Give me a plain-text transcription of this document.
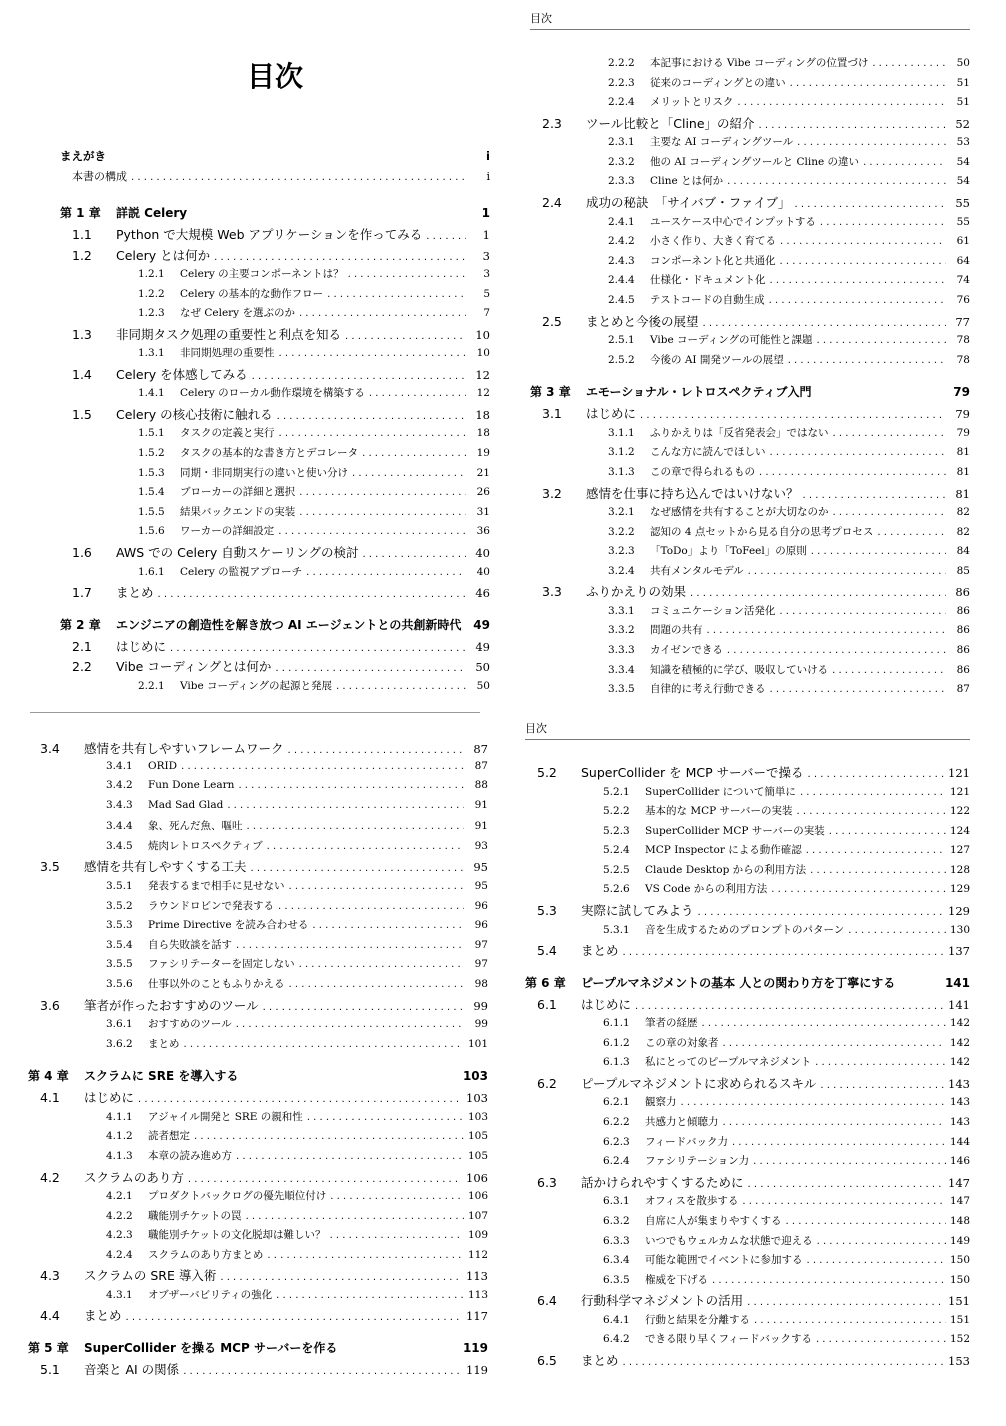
目次
まえがき	i
本書の構成 . . .	i
第 1 章	詳説 Celery	1
1.1	Python で大規模 Web アプリケーションを作ってみる . . .	1
1.2	Celery とは何か . . .	3
1.2.1	Celery の主要コンポーネントは？ . . .	3
1.2.2	Celery の基本的な動作フロー . . .	5
1.2.3	なぜ Celery を選ぶのか . . .	7
1.3	非同期タスク処理の重要性と利点を知る . . .	10
1.3.1	非同期処理の重要性 . . .	10
1.4	Celery を体感してみる . . .	12
1.4.1	Celery のローカル動作環境を構築する . . .	12
1.5	Celery の核心技術に触れる . . .	18
1.5.1	タスクの定義と実行 . . .	18
1.5.2	タスクの基本的な書き方とデコレータ . . .	19
1.5.3	同期・非同期実行の違いと使い分け . . .	21
1.5.4	ブローカーの詳細と選択 . . .	26
1.5.5	結果バックエンドの実装 . . .	31
1.5.6	ワーカーの詳細設定 . . .	36
1.6	AWS での Celery 自動スケーリングの検討 . . .	40
1.6.1	Celery の監視アプローチ . . .	40
1.7	まとめ . . .	46
第 2 章	エンジニアの創造性を解き放つ AI エージェントとの共創新時代 49
2.1	はじめに . . .	49
2.2	Vibe コーディングとは何か . . .	50
2.2.1	Vibe コーディングの起源と発展 . . .	50
目次
2.2.2	本記事における Vibe コーディングの位置づけ . . .	50
2.2.3	従来のコーディングとの違い . . .	51
2.2.4	メリットとリスク . . .	51
2.3	ツール比較と「Cline」の紹介 . . .	52
2.3.1	主要な AI コーディングツール . . .	53
2.3.2	他の AI コーディングツールと Cline の違い . . .	54
2.3.3	Cline とは何か . . .	54
2.4	成功の秘訣　「サイバブ・ファイブ」 . . .	55
2.4.1	ユースケース中心でインプットする . . .	55
2.4.2	小さく作り、大きく育てる . . .	61
2.4.3	コンポーネント化と共通化 . . .	64
2.4.4	仕様化・ドキュメント化 . . .	74
2.4.5	テストコードの自動生成 . . .	76
2.5	まとめと今後の展望 . . .	77
2.5.1	Vibe コーディングの可能性と課題 . . .	78
2.5.2	今後の AI 開発ツールの展望 . . .	78
第 3 章	エモーショナル・レトロスペクティブ入門	79
3.1	はじめに . . .	79
3.1.1	ふりかえりは「反省発表会」ではない . . .	79
3.1.2	こんな方に読んでほしい . . .	81
3.1.3	この章で得られるもの . . .	81
3.2	感情を仕事に持ち込んではいけない？ . . .	81
3.2.1	なぜ感情を共有することが大切なのか . . .	82
3.2.2	認知の 4 点セットから見る自分の思考プロセス . . .	82
3.2.3	「ToDo」より「ToFeel」の原則 . . .	84
3.2.4	共有メンタルモデル . . .	85
3.3	ふりかえりの効果 . . .	86
3.3.1	コミュニケーション活発化 . . .	86
3.3.2	問題の共有 . . .	86
3.3.3	カイゼンできる . . .	86
3.3.4	知識を積極的に学び、吸収していける . . .	86
3.3.5	自律的に考え行動できる . . .	87
3.4	感情を共有しやすいフレームワーク . . .	87
3.4.1	ORID . . .	87
3.4.2	Fun Done Learn . . .	88
3.4.3	Mad Sad Glad . . .	91
3.4.4	象、死んだ魚、嘔吐 . . .	91
3.4.5	焼肉レトロスペクティブ . . .	93
3.5	感情を共有しやすくする工夫 . . .	95
3.5.1	発表するまで相手に見せない . . .	95
3.5.2	ラウンドロビンで発表する . . .	96
3.5.3	Prime Directive を読み合わせる . . .	96
3.5.4	自ら失敗談を話す . . .	97
3.5.5	ファシリテーターを固定しない . . .	97
3.5.6	仕事以外のこともふりかえる . . .	98
3.6	筆者が作ったおすすめのツール . . .	99
3.6.1	おすすめのツール . . .	99
3.6.2	まとめ . . .	101
第 4 章	スクラムに SRE を導入する	103
4.1	はじめに . . .	103
4.1.1	アジャイル開発と SRE の親和性 . . .	103
4.1.2	読者想定 . . .	105
4.1.3	本章の読み進め方 . . .	105
4.2	スクラムのあり方 . . .	106
4.2.1	プロダクトバックログの優先順位付け . . .	106
4.2.2	職能別チケットの罠 . . .	107
4.2.3	職能別チケットの文化脱却は難しい？ . . .	109
4.2.4	スクラムのあり方まとめ . . .	112
4.3	スクラムの SRE 導入術 . . .	113
4.3.1	オブザーバビリティの強化 . . .	113
4.4	まとめ . . .	117
第 5 章	SuperCollider を操る MCP サーバーを作る	119
5.1	音楽と AI の関係 . . .	119
目次
5.2	SuperCollider を MCP サーバーで操る . . .	121
5.2.1	SuperCollider について簡単に . . .	121
5.2.2	基本的な MCP サーバーの実装 . . .	122
5.2.3	SuperCollider MCP サーバーの実装 . . .	124
5.2.4	MCP Inspector による動作確認 . . .	127
5.2.5	Claude Desktop からの利用方法 . . .	128
5.2.6	VS Code からの利用方法 . . .	129
5.3	実際に試してみよう . . .	129
5.3.1	音を生成するためのプロンプトのパターン . . .	130
5.4	まとめ . . .	137
第 6 章	ピープルマネジメントの基本 人との関わり方を丁寧にする	141
6.1	はじめに . . .	141
6.1.1	筆者の経歴 . . .	142
6.1.2	この章の対象者 . . .	142
6.1.3	私にとってのピープルマネジメント . . .	142
6.2	ピープルマネジメントに求められるスキル . . .	143
6.2.1	観察力 . . .	143
6.2.2	共感力と傾聴力 . . .	143
6.2.3	フィードバック力 . . .	144
6.2.4	ファシリテーション力 . . .	146
6.3	話かけられやすくするために . . .	147
6.3.1	オフィスを散歩する . . .	147
6.3.2	自席に人が集まりやすくする . . .	148
6.3.3	いつでもウェルカムな状態で迎える . . .	149
6.3.4	可能な範囲でイベントに参加する . . .	150
6.3.5	権威を下げる . . .	150
6.4	行動科学マネジメントの活用 . . .	151
6.4.1	行動と結果を分離する . . .	151
6.4.2	できる限り早くフィードバックする . . .	152
6.5	まとめ . . .	153
